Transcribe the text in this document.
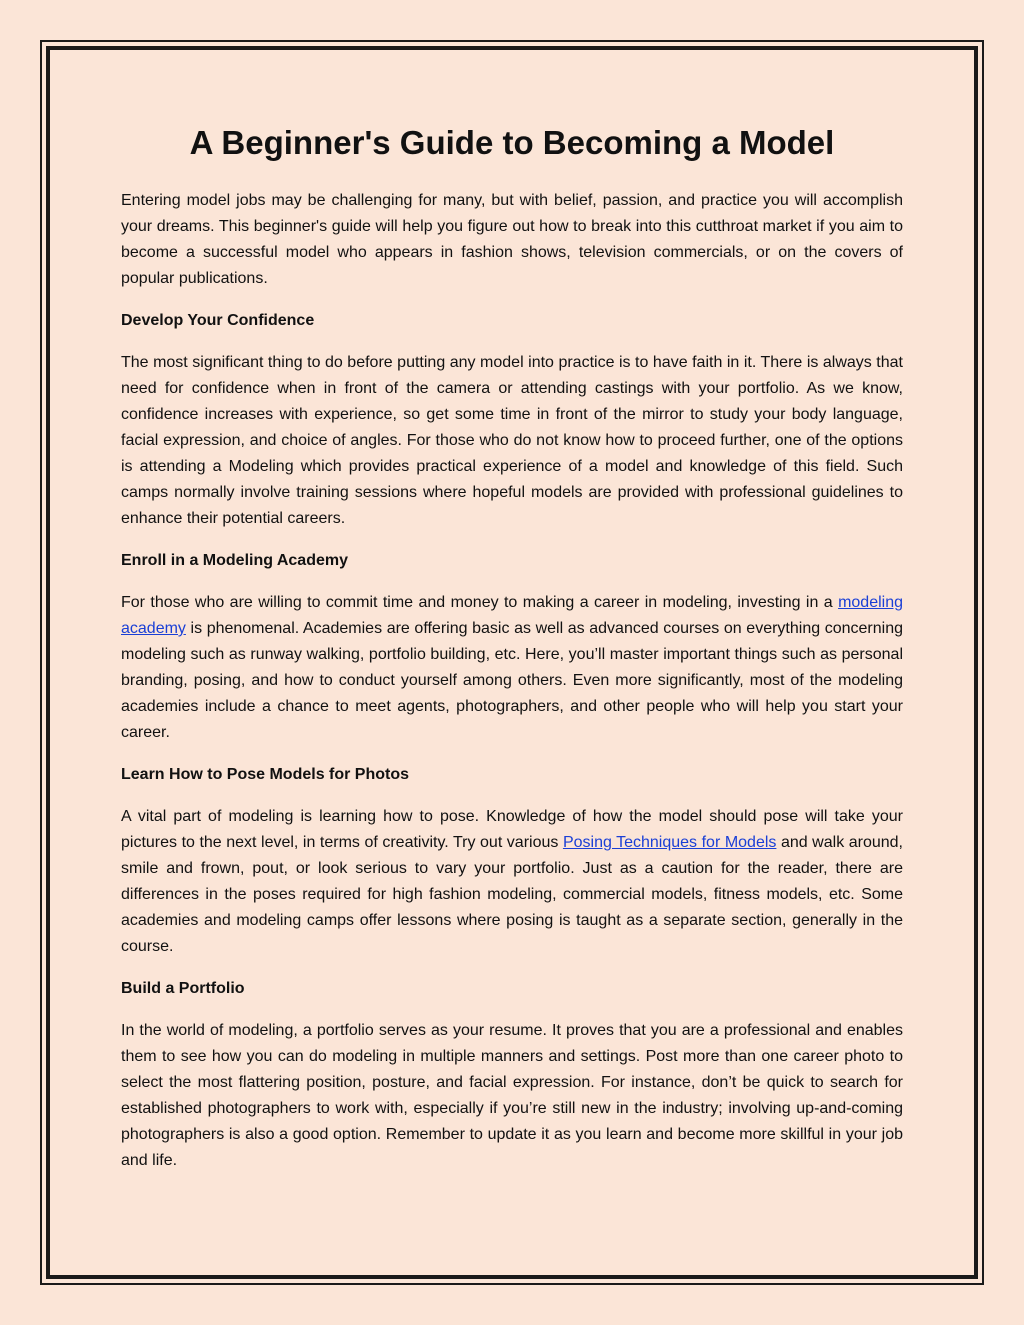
A Beginner's Guide to Becoming a Model

Entering model jobs may be challenging for many, but with belief, passion, and practice you will accomplish your dreams. This beginner's guide will help you figure out how to break into this cutthroat market if you aim to become a successful model who appears in fashion shows, television commercials, or on the covers of popular publications.

Develop Your Confidence

The most significant thing to do before putting any model into practice is to have faith in it. There is always that need for confidence when in front of the camera or attending castings with your portfolio. As we know, confidence increases with experience, so get some time in front of the mirror to study your body language, facial expression, and choice of angles. For those who do not know how to proceed further, one of the options is attending a Modeling which provides practical experience of a model and knowledge of this field. Such camps normally involve training sessions where hopeful models are provided with professional guidelines to enhance their potential careers.

Enroll in a Modeling Academy

For those who are willing to commit time and money to making a career in modeling, investing in a modeling academy is phenomenal. Academies are offering basic as well as advanced courses on everything concerning modeling such as runway walking, portfolio building, etc. Here, you’ll master important things such as personal branding, posing, and how to conduct yourself among others. Even more significantly, most of the modeling academies include a chance to meet agents, photographers, and other people who will help you start your career.

Learn How to Pose Models for Photos

A vital part of modeling is learning how to pose. Knowledge of how the model should pose will take your pictures to the next level, in terms of creativity. Try out various Posing Techniques for Models and walk around, smile and frown, pout, or look serious to vary your portfolio. Just as a caution for the reader, there are differences in the poses required for high fashion modeling, commercial models, fitness models, etc. Some academies and modeling camps offer lessons where posing is taught as a separate section, generally in the course.

Build a Portfolio

In the world of modeling, a portfolio serves as your resume. It proves that you are a professional and enables them to see how you can do modeling in multiple manners and settings. Post more than one career photo to select the most flattering position, posture, and facial expression. For instance, don’t be quick to search for established photographers to work with, especially if you’re still new in the industry; involving up-and-coming photographers is also a good option. Remember to update it as you learn and become more skillful in your job and life.
